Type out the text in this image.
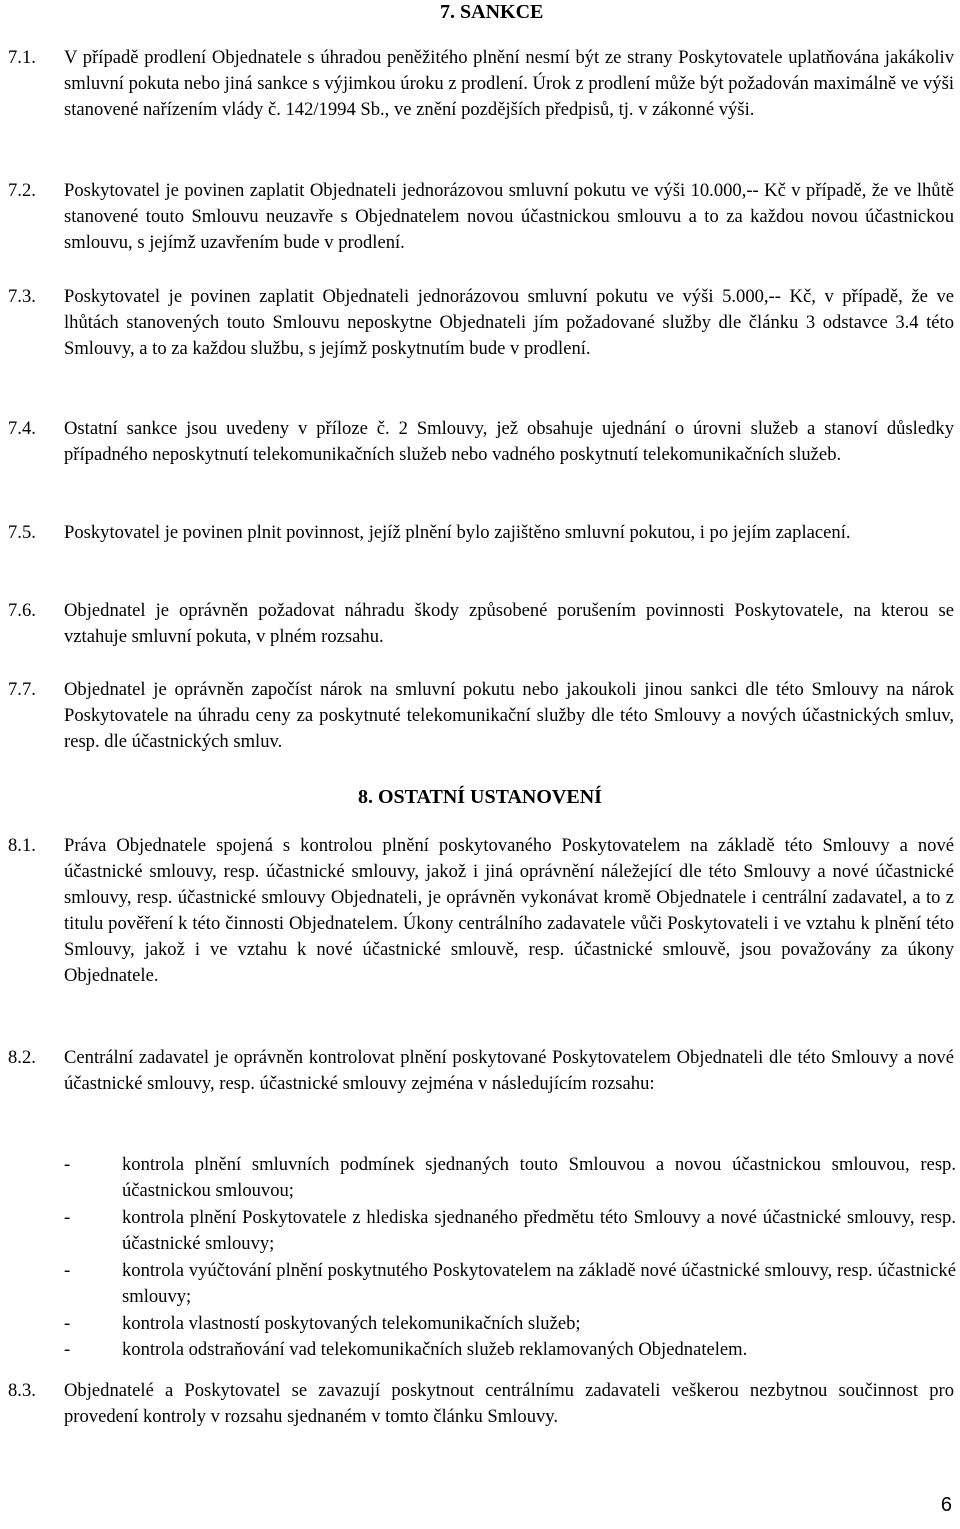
7. SANKCE
7.1. V případě prodlení Objednatele s úhradou peněžitého plnění nesmí být ze strany Poskytovatele uplatňována jakákoliv smluvní pokuta nebo jiná sankce s výjimkou úroku z prodlení. Úrok z prodlení může být požadován maximálně ve výši stanovené nařízením vlády č. 142/1994 Sb., ve znění pozdějších předpisů, tj. v zákonné výši.
7.2. Poskytovatel je povinen zaplatit Objednateli jednorázovou smluvní pokutu ve výši 10.000,-- Kč v případě, že ve lhůtě stanovené touto Smlouvu neuzavře s Objednatelem novou účastnickou smlouvu a to za každou novou účastnickou smlouvu, s jejímž uzavřením bude v prodlení.
7.3. Poskytovatel je povinen zaplatit Objednateli jednorázovou smluvní pokutu ve výši 5.000,-- Kč, v případě, že ve lhůtách stanovených touto Smlouvu neposkytne Objednateli jím požadované služby dle článku 3 odstavce 3.4 této Smlouvy, a to za každou službu, s jejímž poskytnutím bude v prodlení.
7.4. Ostatní sankce jsou uvedeny v příloze č. 2 Smlouvy, jež obsahuje ujednání o úrovni služeb a stanoví důsledky případného neposkytnutí telekomunikačních služeb nebo vadného poskytnutí telekomunikačních služeb.
7.5. Poskytovatel je povinen plnit povinnost, jejíž plnění bylo zajištěno smluvní pokutou, i po jejím zaplacení.
7.6. Objednatel je oprávněn požadovat náhradu škody způsobené porušením povinnosti Poskytovatele, na kterou se vztahuje smluvní pokuta, v plném rozsahu.
7.7. Objednatel je oprávněn započíst nárok na smluvní pokutu nebo jakoukoli jinou sankci dle této Smlouvy na nárok Poskytovatele na úhradu ceny za poskytnuté telekomunikační služby dle této Smlouvy a nových účastnických smluv, resp. dle účastnických smluv.
8. OSTATNÍ USTANOVENÍ
8.1. Práva Objednatele spojená s kontrolou plnění poskytovaného Poskytovatelem na základě této Smlouvy a nové účastnické smlouvy, resp. účastnické smlouvy, jakož i jiná oprávnění náležející dle této Smlouvy a nové účastnické smlouvy, resp. účastnické smlouvy Objednateli, je oprávněn vykonávat kromě Objednatele i centrální zadavatel, a to z titulu pověření k této činnosti Objednatelem. Úkony centrálního zadavatele vůči Poskytovateli i ve vztahu k plnění této Smlouvy, jakož i ve vztahu k nové účastnické smlouvě, resp. účastnické smlouvě, jsou považovány za úkony Objednatele.
8.2. Centrální zadavatel je oprávněn kontrolovat plnění poskytované Poskytovatelem Objednateli dle této Smlouvy a nové účastnické smlouvy, resp. účastnické smlouvy zejména v následujícím rozsahu:
-	kontrola plnění smluvních podmínek sjednaných touto Smlouvou a novou účastnickou smlouvou, resp. účastnickou smlouvou;
-	kontrola plnění Poskytovatele z hlediska sjednaného předmětu této Smlouvy a nové účastnické smlouvy, resp. účastnické smlouvy;
-	kontrola vyúčtování plnění poskytnutého Poskytovatelem na základě nové účastnické smlouvy, resp. účastnické smlouvy;
-	kontrola vlastností poskytovaných telekomunikačních služeb;
-	kontrola odstraňování vad telekomunikačních služeb reklamovaných Objednatelem.
8.3. Objednatelé a Poskytovatel se zavazují poskytnout centrálnímu zadavateli veškerou nezbytnou součinnost pro provedení kontroly v rozsahu sjednaném v tomto článku Smlouvy.
6
